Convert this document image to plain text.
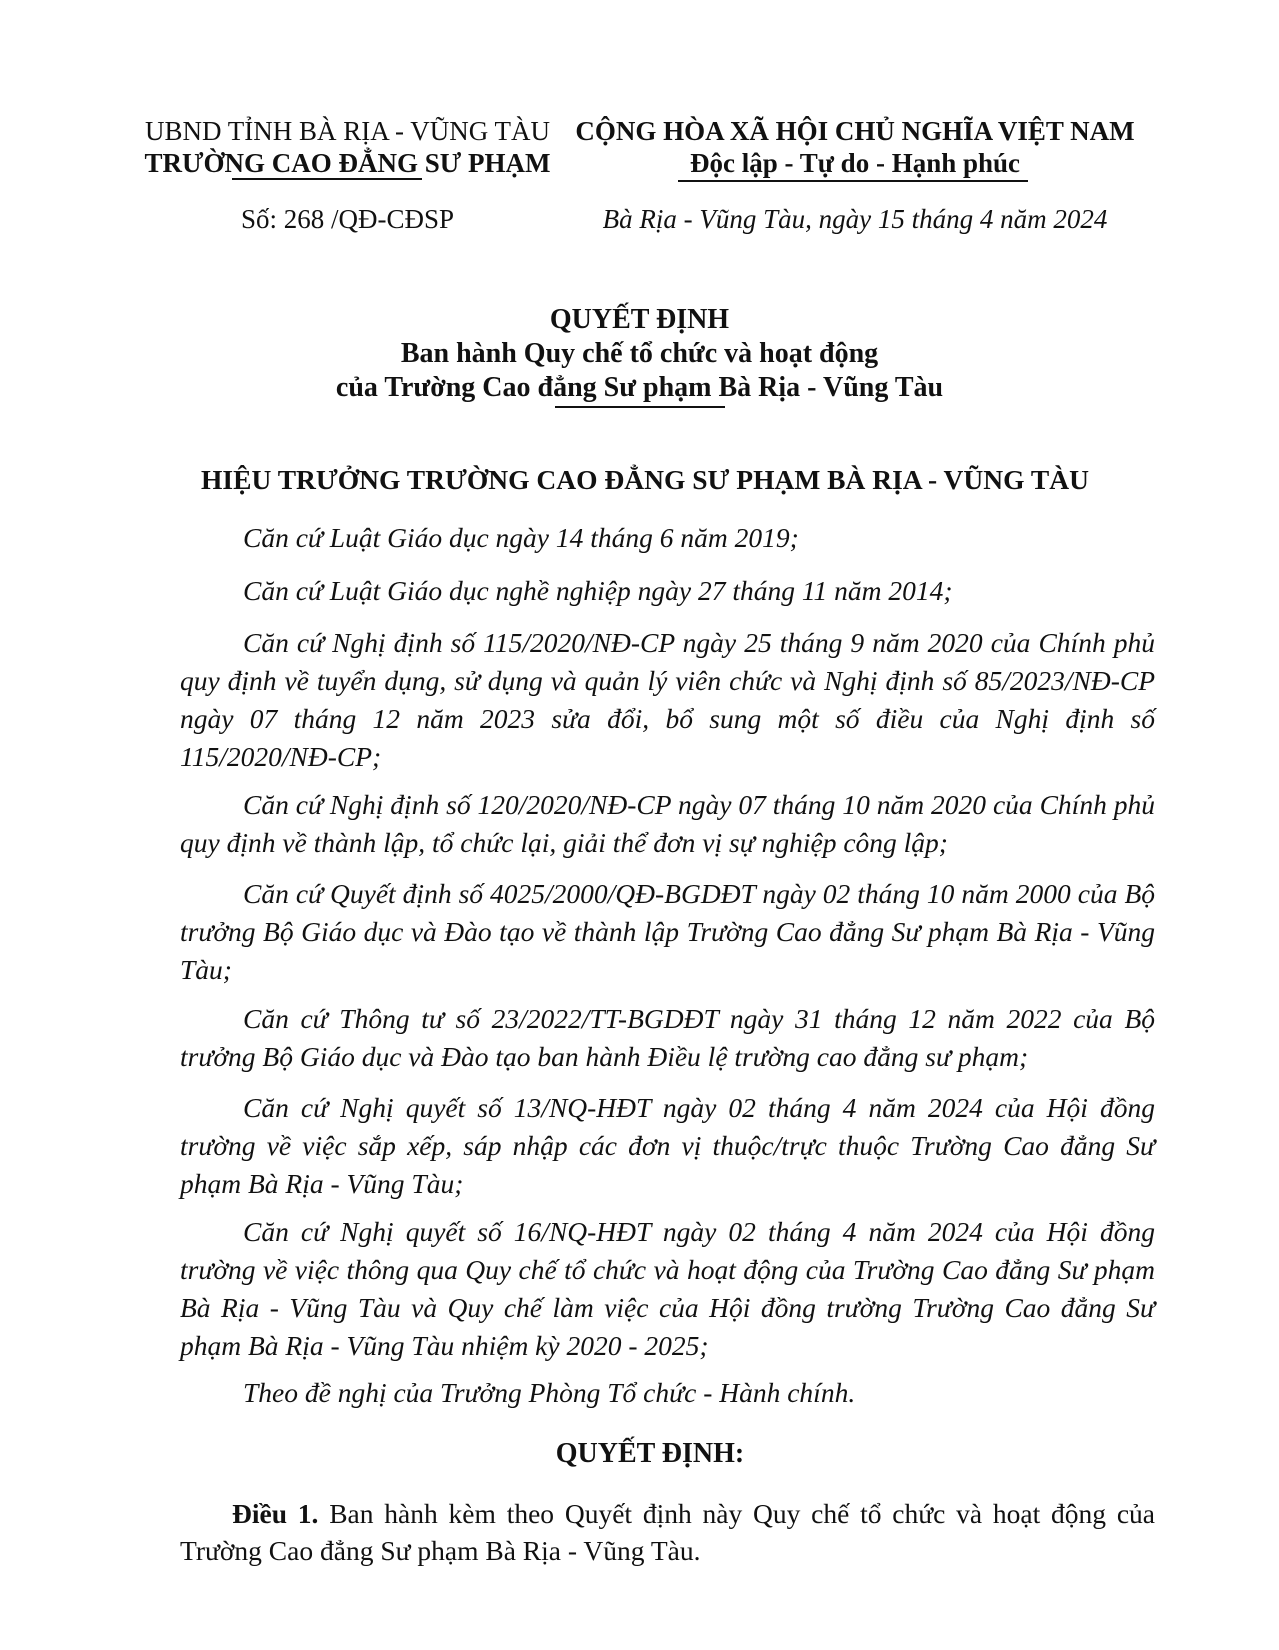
UBND TỈNH BÀ RỊA - VŨNG TÀU
TRƯỜNG CAO ĐẲNG SƯ PHẠM
CỘNG HÒA XÃ HỘI CHỦ NGHĨA VIỆT NAM
Độc lập - Tự do - Hạnh phúc
Số: 268 /QĐ-CĐSP	Bà Rịa - Vũng Tàu, ngày 15 tháng 4 năm 2024
QUYẾT ĐỊNH
Ban hành Quy chế tổ chức và hoạt động
của Trường Cao đẳng Sư phạm Bà Rịa - Vũng Tàu
HIỆU TRƯỞNG TRƯỜNG CAO ĐẲNG SƯ PHẠM BÀ RỊA - VŨNG TÀU

Căn cứ Luật Giáo dục ngày 14 tháng 6 năm 2019;

Căn cứ Luật Giáo dục nghề nghiệp ngày 27 tháng 11 năm 2014;

Căn cứ Nghị định số 115/2020/NĐ-CP ngày 25 tháng 9 năm 2020 của Chính phủ quy định về tuyển dụng, sử dụng và quản lý viên chức và Nghị định số 85/2023/NĐ-CP ngày 07 tháng 12 năm 2023 sửa đổi, bổ sung một số điều của Nghị định số 115/2020/NĐ-CP;

Căn cứ Nghị định số 120/2020/NĐ-CP ngày 07 tháng 10 năm 2020 của Chính phủ quy định về thành lập, tổ chức lại, giải thể đơn vị sự nghiệp công lập;

Căn cứ Quyết định số 4025/2000/QĐ-BGDĐT ngày 02 tháng 10 năm 2000 của Bộ trưởng Bộ Giáo dục và Đào tạo về thành lập Trường Cao đẳng Sư phạm Bà Rịa - Vũng Tàu;

Căn cứ Thông tư số 23/2022/TT-BGDĐT ngày 31 tháng 12 năm 2022 của Bộ trưởng Bộ Giáo dục và Đào tạo ban hành Điều lệ trường cao đẳng sư phạm;

Căn cứ Nghị quyết số 13/NQ-HĐT ngày 02 tháng 4 năm 2024 của Hội đồng trường về việc sắp xếp, sáp nhập các đơn vị thuộc/trực thuộc Trường Cao đẳng Sư phạm Bà Rịa - Vũng Tàu;

Căn cứ Nghị quyết số 16/NQ-HĐT ngày 02 tháng 4 năm 2024 của Hội đồng trường về việc thông qua Quy chế tổ chức và hoạt động của Trường Cao đẳng Sư phạm Bà Rịa - Vũng Tàu và Quy chế làm việc của Hội đồng trường Trường Cao đẳng Sư phạm Bà Rịa - Vũng Tàu nhiệm kỳ 2020 - 2025;

Theo đề nghị của Trưởng Phòng Tổ chức - Hành chính.

QUYẾT ĐỊNH:

Điều 1. Ban hành kèm theo Quyết định này Quy chế tổ chức và hoạt động của Trường Cao đẳng Sư phạm Bà Rịa - Vũng Tàu.
